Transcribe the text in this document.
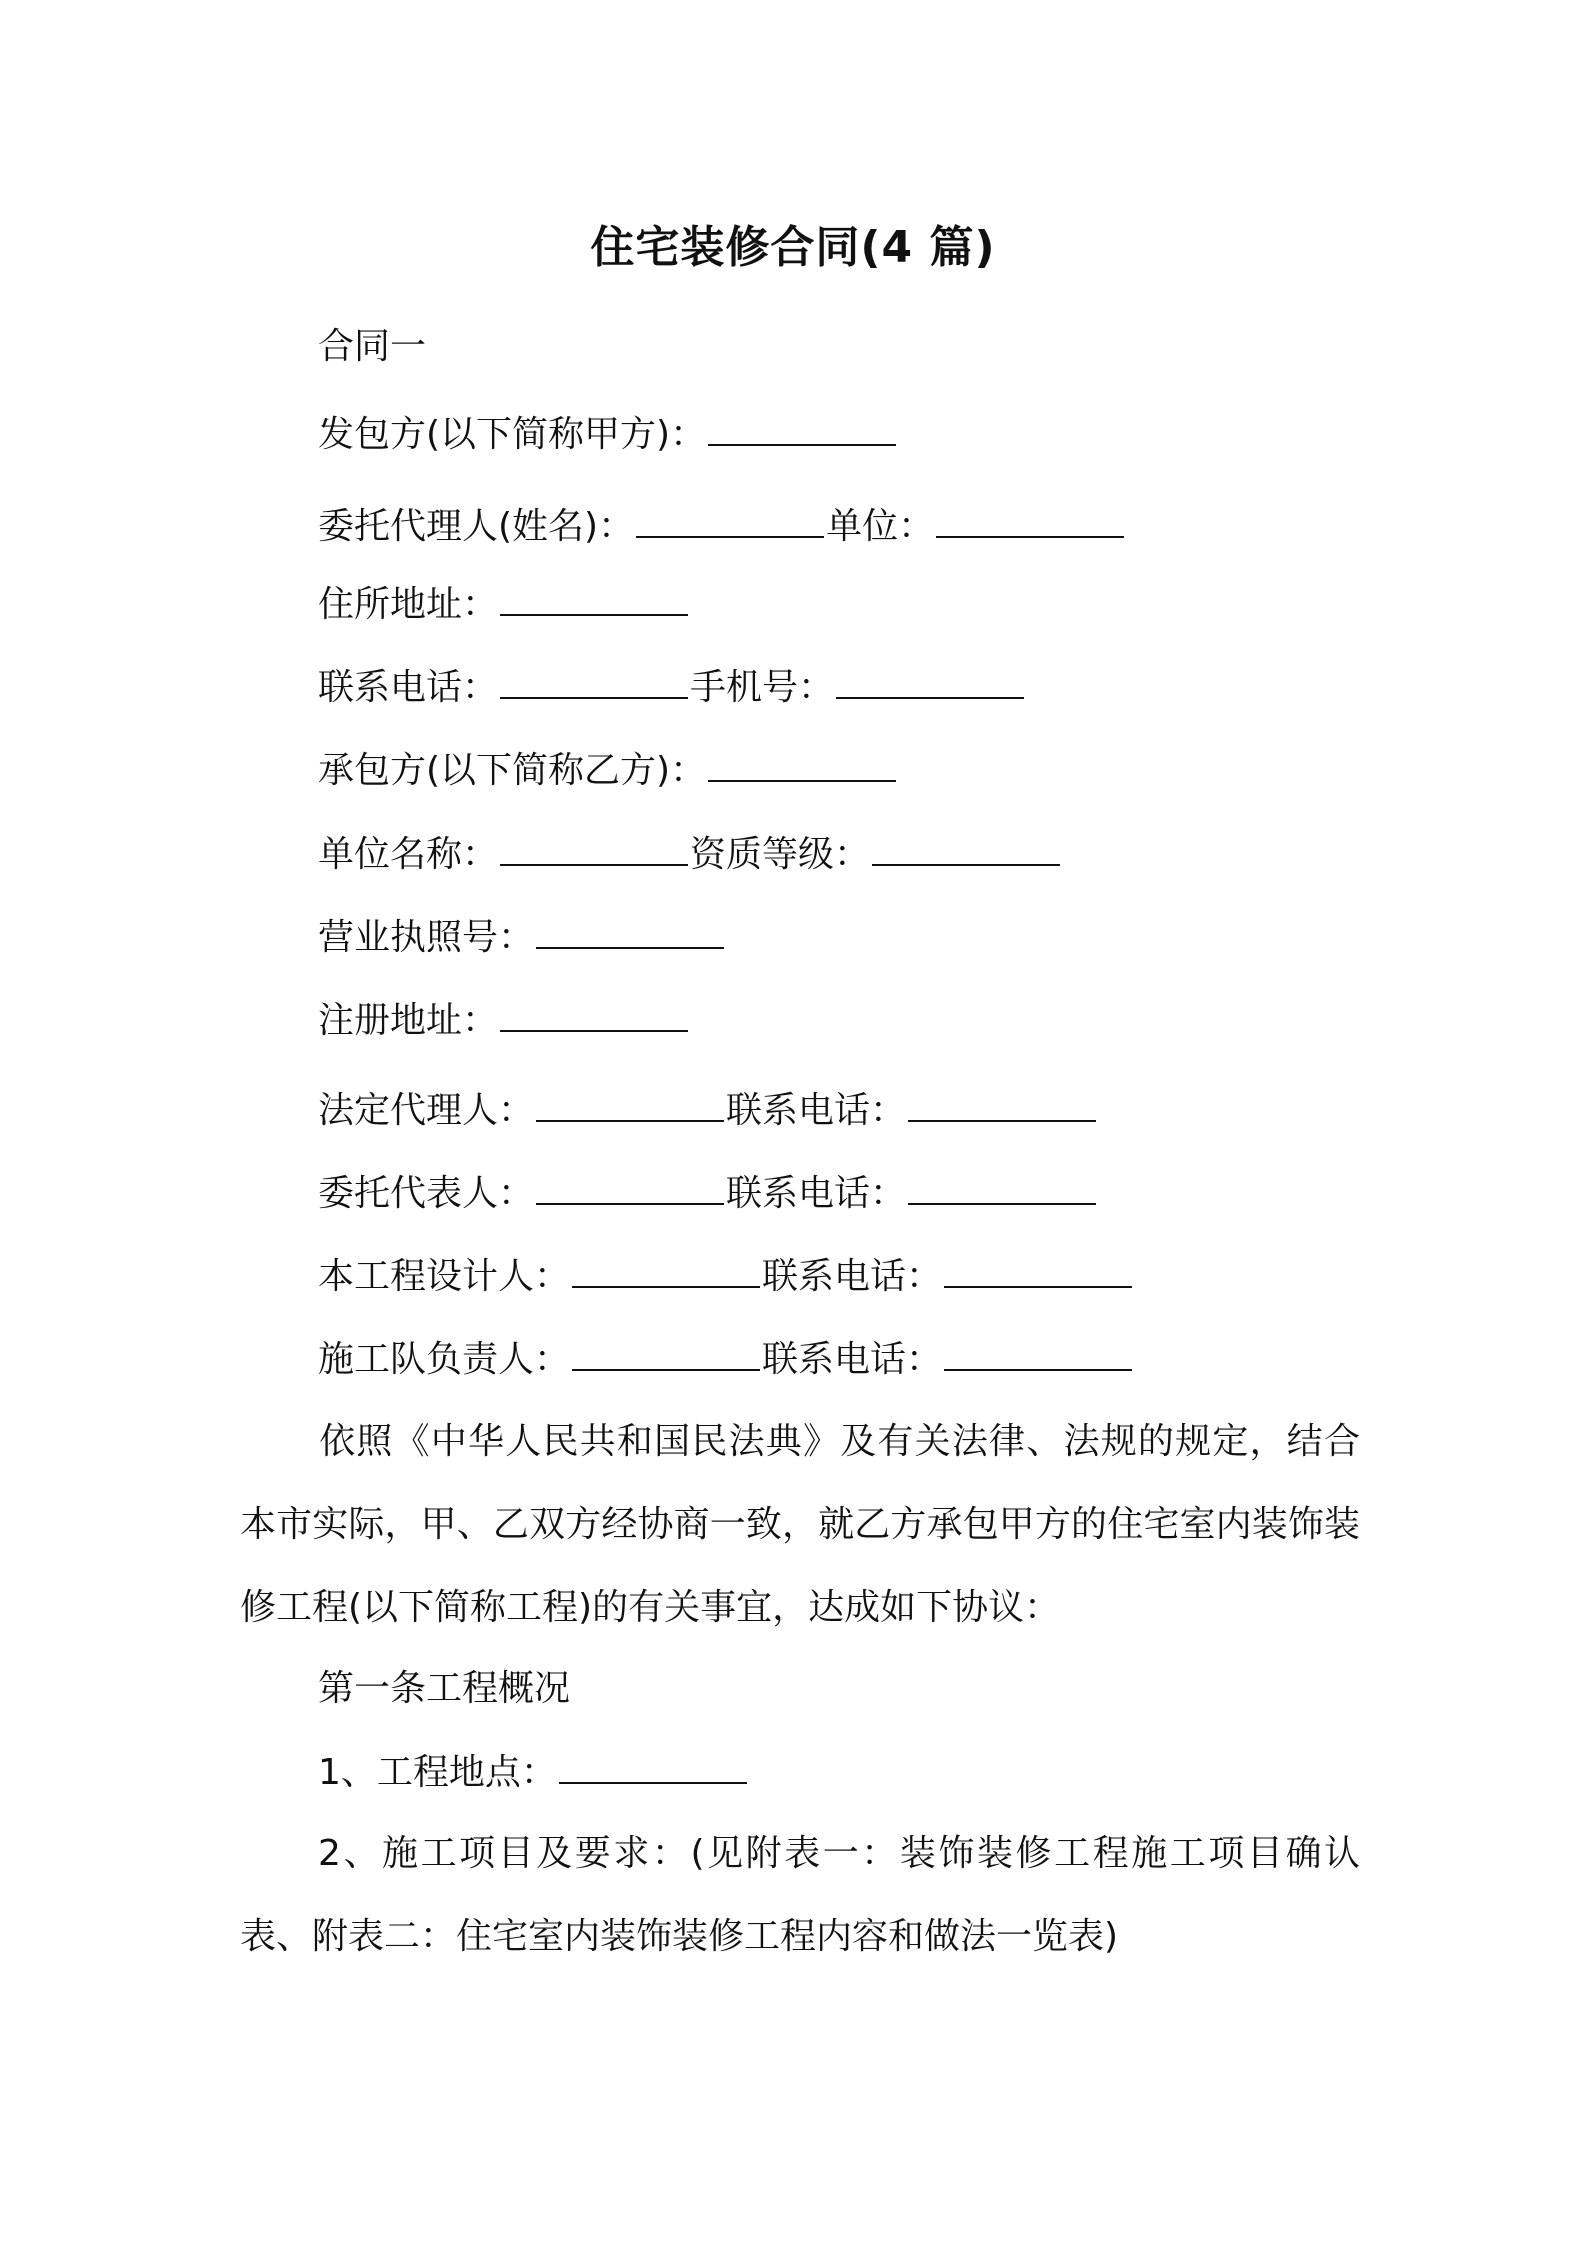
住宅装修合同(4 篇)
合同一
发包方(以下简称甲方)：
委托代理人(姓名)：	单位：
住所地址：
联系电话：	手机号：
承包方(以下简称乙方)：
单位名称：	资质等级：
营业执照号：
注册地址：
法定代理人：	联系电话：
委托代表人：	联系电话：
本工程设计人：	联系电话：
施工队负责人：	联系电话：
依照《中华人民共和国民法典》及有关法律、法规的规定，结合本市实际，甲、乙双方经协商一致，就乙方承包甲方的住宅室内装饰装修工程(以下简称工程)的有关事宜，达成如下协议：
第一条工程概况
1、工程地点：
2、施工项目及要求：(见附表一：装饰装修工程施工项目确认表、附表二：住宅室内装饰装修工程内容和做法一览表)
